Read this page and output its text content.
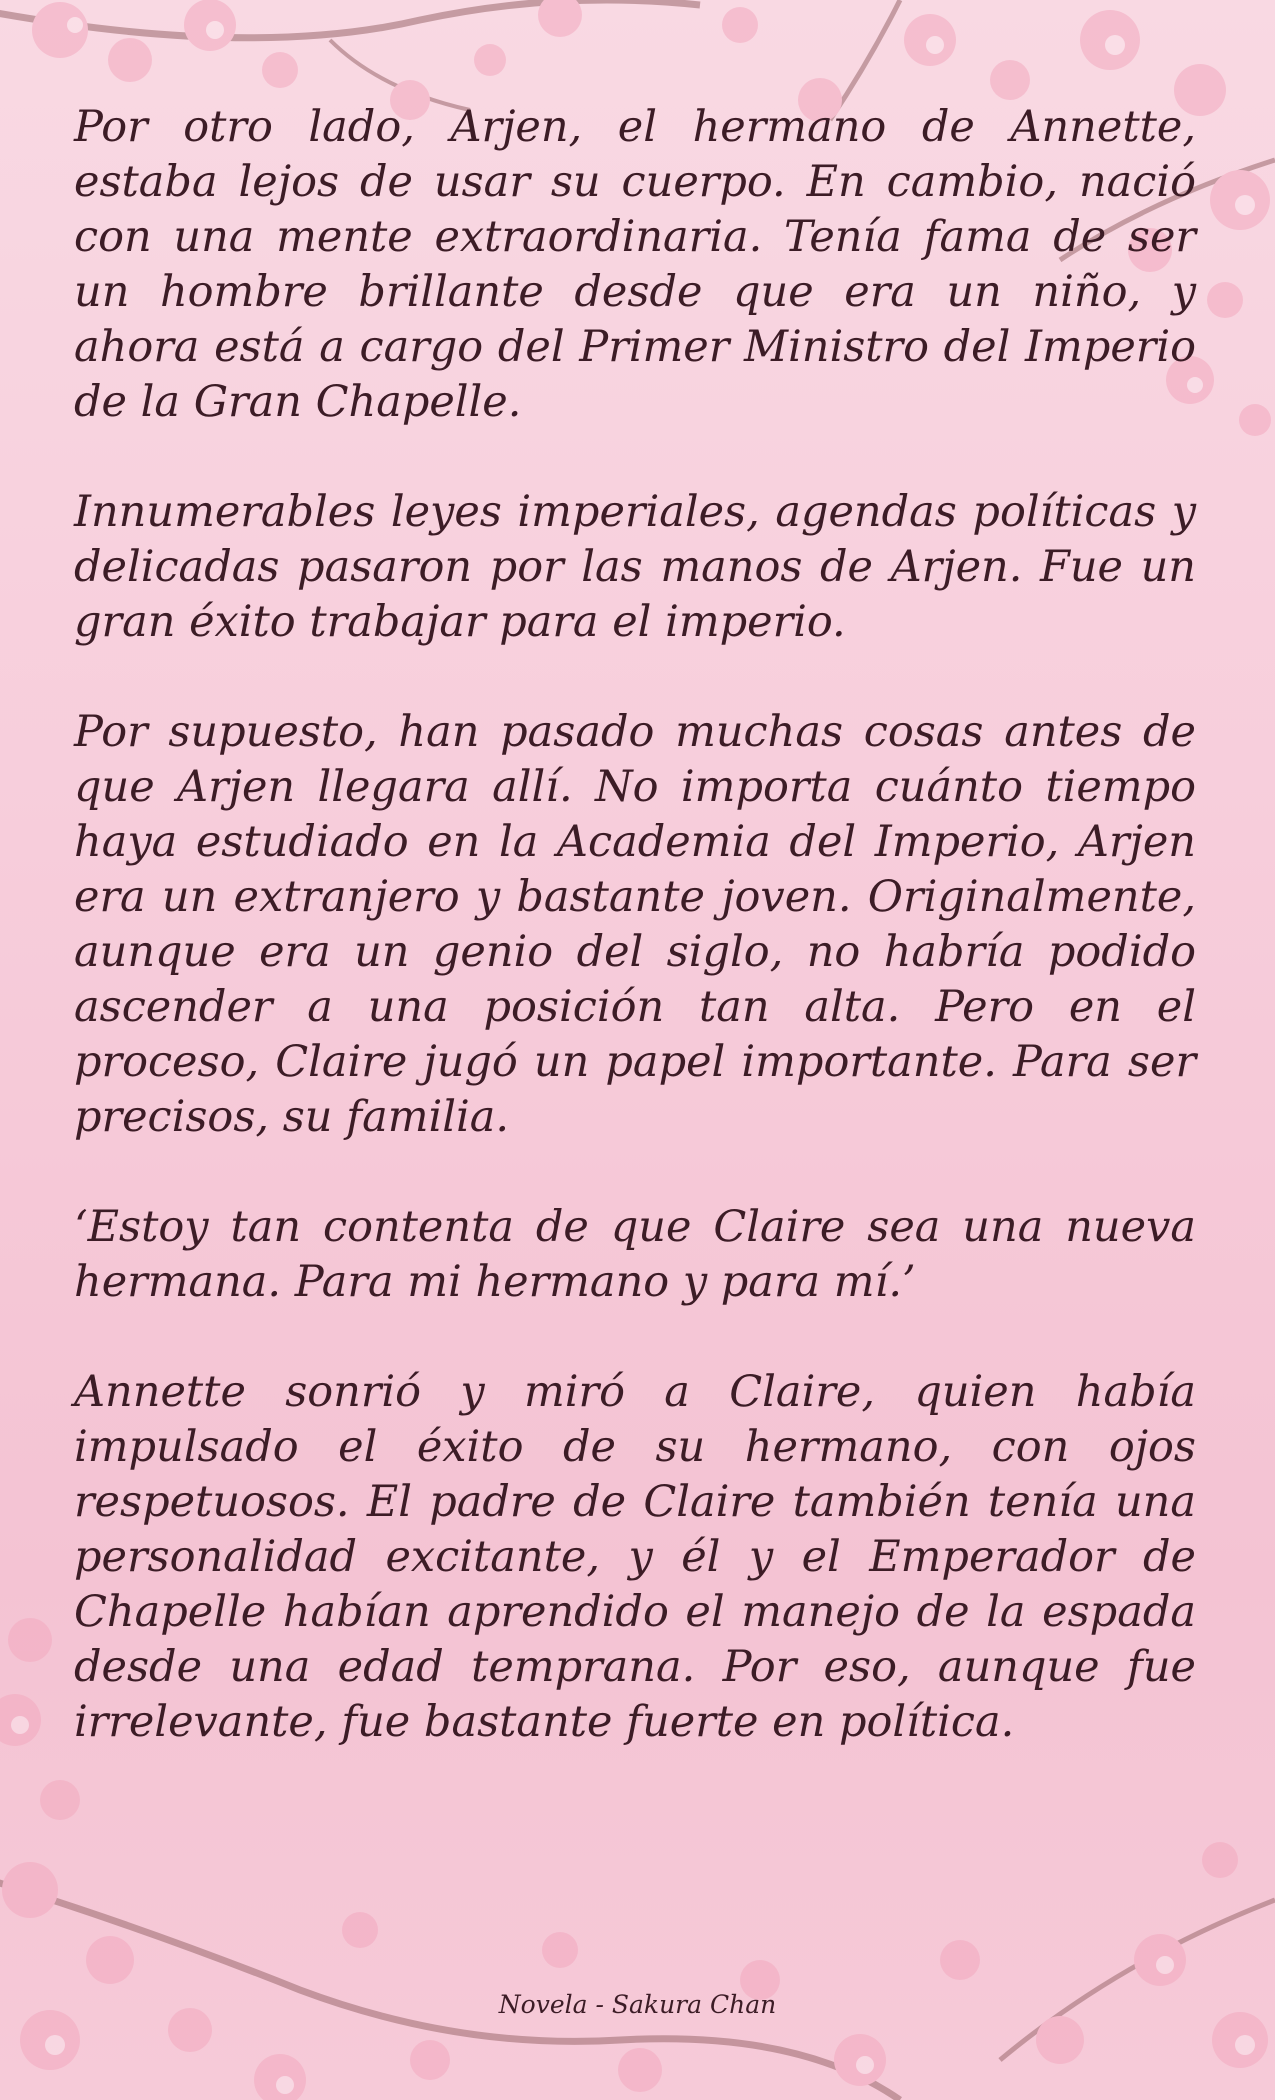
Por otro lado, Arjen, el hermano de Annette, estaba lejos de usar su cuerpo. En cambio, nació con una mente extraordinaria. Tenía fama de ser un hombre brillante desde que era un niño, y ahora está a cargo del Primer Ministro del Imperio de la Gran Chapelle.

Innumerables leyes imperiales, agendas políticas y delicadas pasaron por las manos de Arjen. Fue un gran éxito trabajar para el imperio.

Por supuesto, han pasado muchas cosas antes de que Arjen llegara allí. No importa cuánto tiempo haya estudiado en la Academia del Imperio, Arjen era un extranjero y bastante joven. Originalmente, aunque era un genio del siglo, no habría podido ascender a una posición tan alta. Pero en el proceso, Claire jugó un papel importante. Para ser precisos, su familia.

‘Estoy tan contenta de que Claire sea una nueva hermana. Para mi hermano y para mí.’

Annette sonrió y miró a Claire, quien había impulsado el éxito de su hermano, con ojos respetuosos. El padre de Claire también tenía una personalidad excitante, y él y el Emperador de Chapelle habían aprendido el manejo de la espada desde una edad temprana. Por eso, aunque fue irrelevante, fue bastante fuerte en política.

Novela - Sakura Chan
